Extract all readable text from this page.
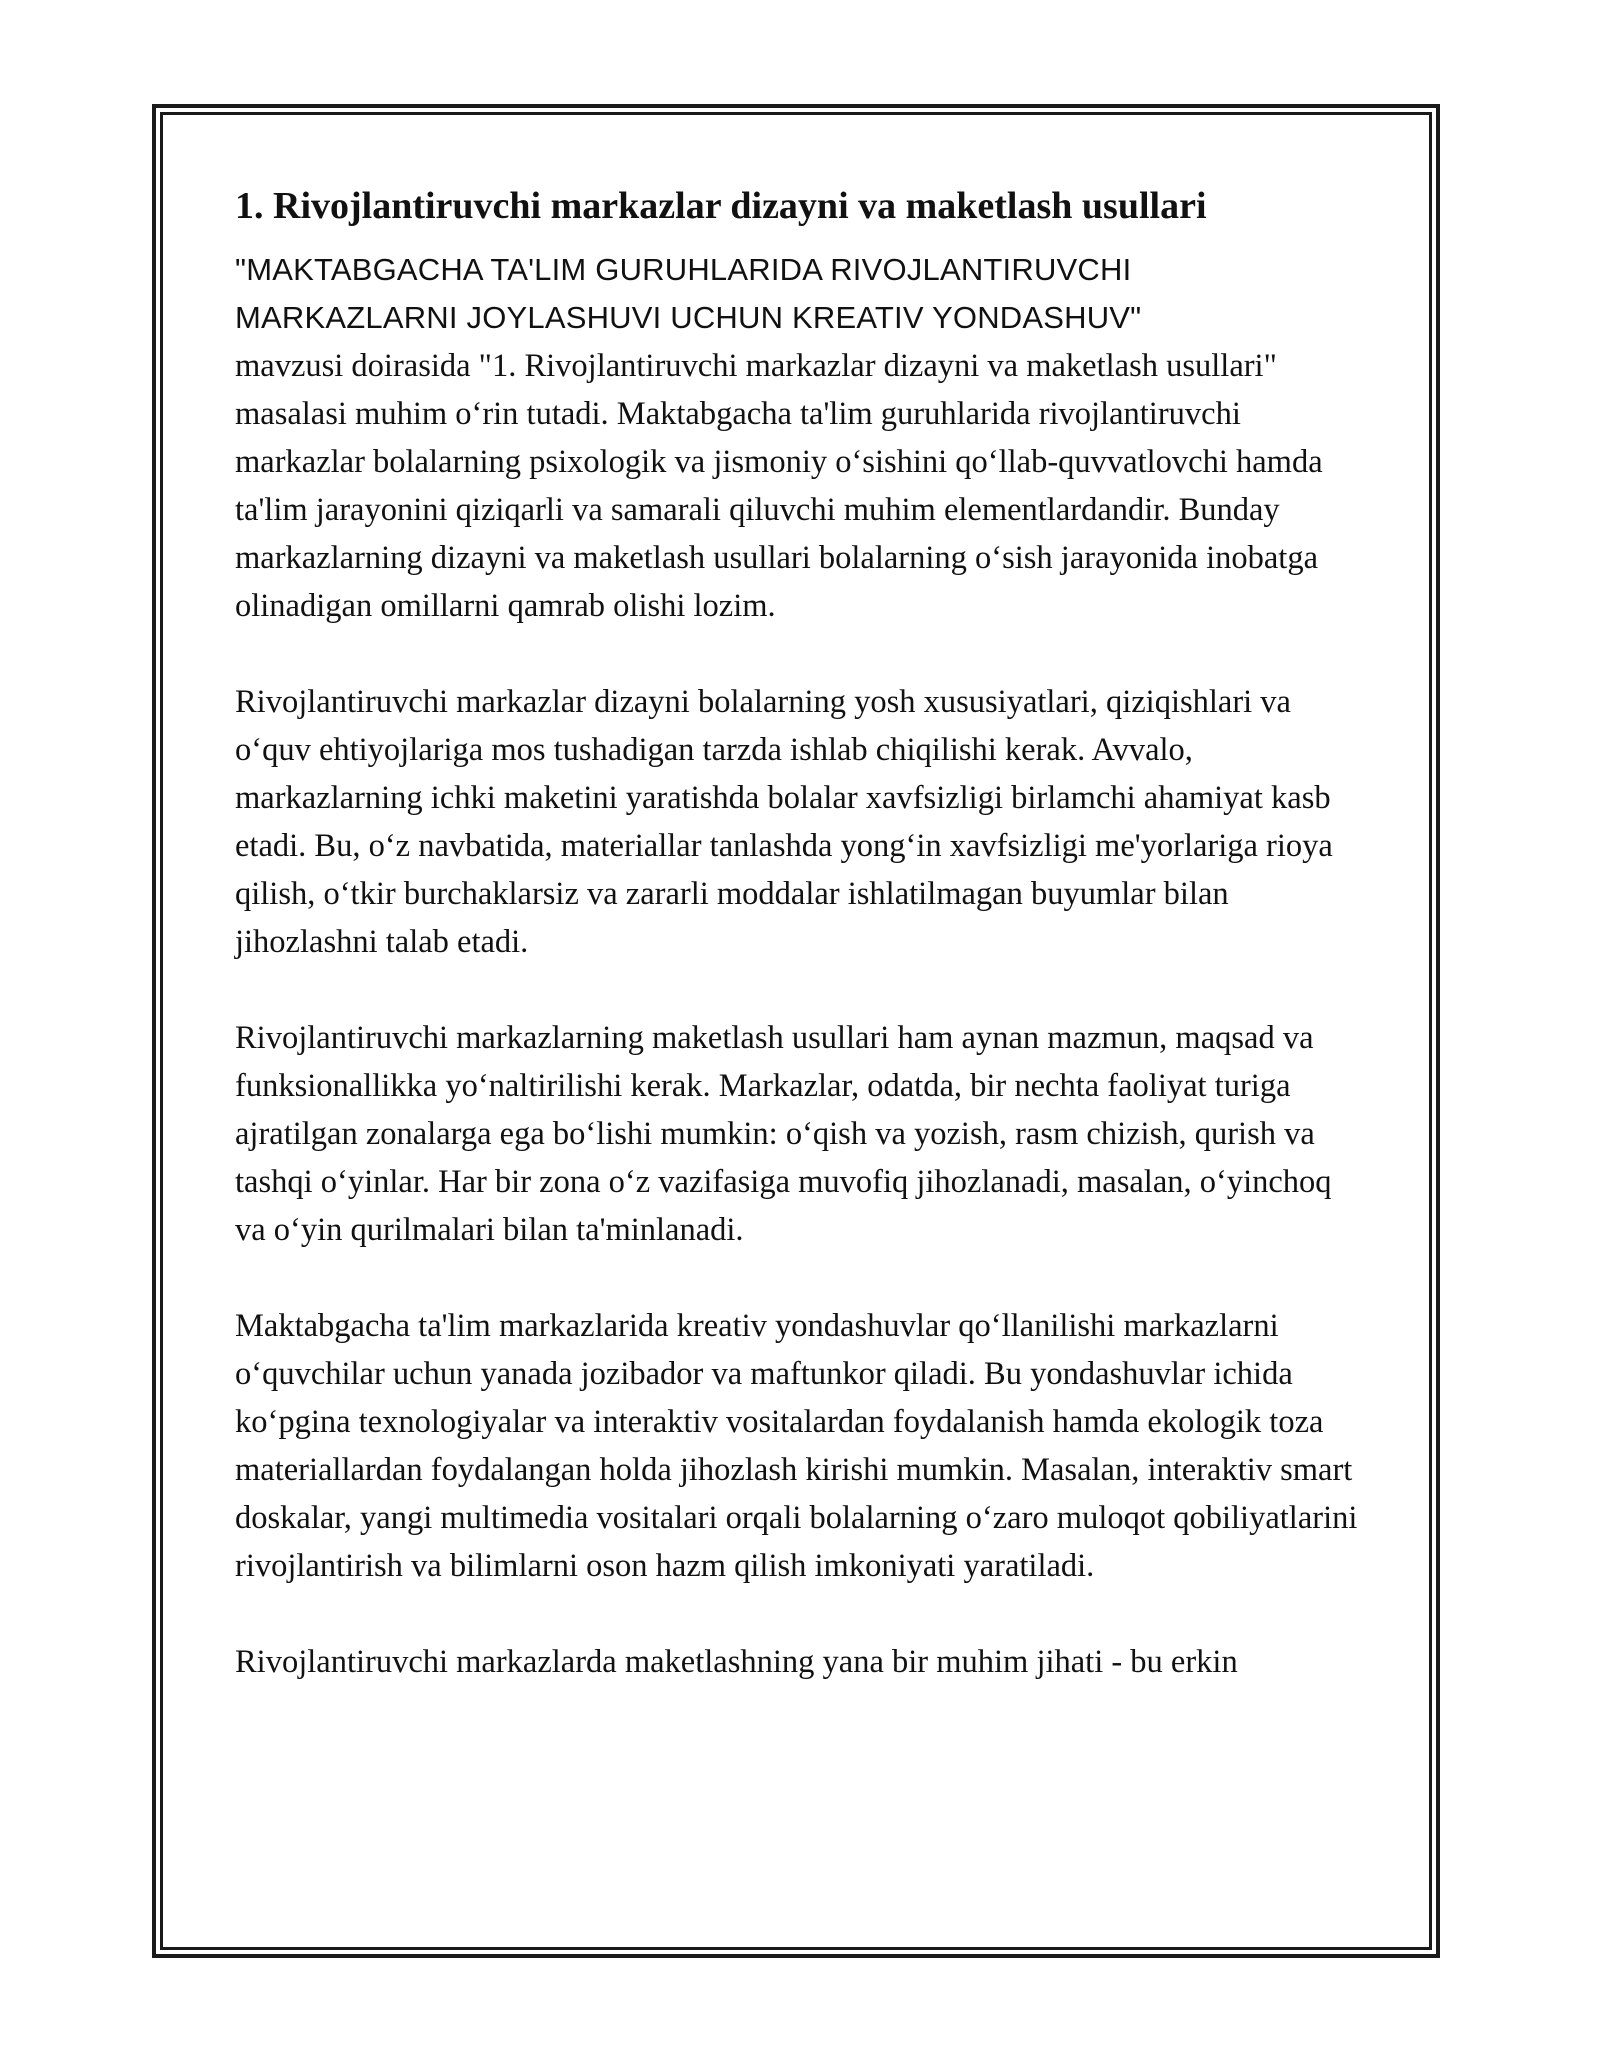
1. Rivojlantiruvchi markazlar dizayni va maketlash usullari
"MAKTABGACHA TA'LIM GURUHLARIDA RIVOJLANTIRUVCHI
MARKAZLARNI JOYLASHUVI UCHUN KREATIV YONDASHUV"

mavzusi doirasida "1. Rivojlantiruvchi markazlar dizayni va maketlash usullari" masalasi muhim o‘rin tutadi. Maktabgacha ta'lim guruhlarida rivojlantiruvchi markazlar bolalarning psixologik va jismoniy o‘sishini qo‘llab-quvvatlovchi hamda ta'lim jarayonini qiziqarli va samarali qiluvchi muhim elementlardandir. Bunday markazlarning dizayni va maketlash usullari bolalarning o‘sish jarayonida inobatga olinadigan omillarni qamrab olishi lozim.

Rivojlantiruvchi markazlar dizayni bolalarning yosh xususiyatlari, qiziqishlari va o‘quv ehtiyojlariga mos tushadigan tarzda ishlab chiqilishi kerak. Avvalo, markazlarning ichki maketini yaratishda bolalar xavfsizligi birlamchi ahamiyat kasb etadi. Bu, o‘z navbatida, materiallar tanlashda yong‘in xavfsizligi me'yorlariga rioya qilish, o‘tkir burchaklarsiz va zararli moddalar ishlatilmagan buyumlar bilan jihozlashni talab etadi.

Rivojlantiruvchi markazlarning maketlash usullari ham aynan mazmun, maqsad va funksionallikka yo‘naltirilishi kerak. Markazlar, odatda, bir nechta faoliyat turiga ajratilgan zonalarga ega bo‘lishi mumkin: o‘qish va yozish, rasm chizish, qurish va tashqi o‘yinlar. Har bir zona o‘z vazifasiga muvofiq jihozlanadi, masalan, o‘yinchoq va o‘yin qurilmalari bilan ta'minlanadi.

Maktabgacha ta'lim markazlarida kreativ yondashuvlar qo‘llanilishi markazlarni o‘quvchilar uchun yanada jozibador va maftunkor qiladi. Bu yondashuvlar ichida ko‘pgina texnologiyalar va interaktiv vositalardan foydalanish hamda ekologik toza materiallardan foydalangan holda jihozlash kirishi mumkin. Masalan, interaktiv smart doskalar, yangi multimedia vositalari orqali bolalarning o‘zaro muloqot qobiliyatlarini rivojlantirish va bilimlarni oson hazm qilish imkoniyati yaratiladi.

Rivojlantiruvchi markazlarda maketlashning yana bir muhim jihati - bu erkin
